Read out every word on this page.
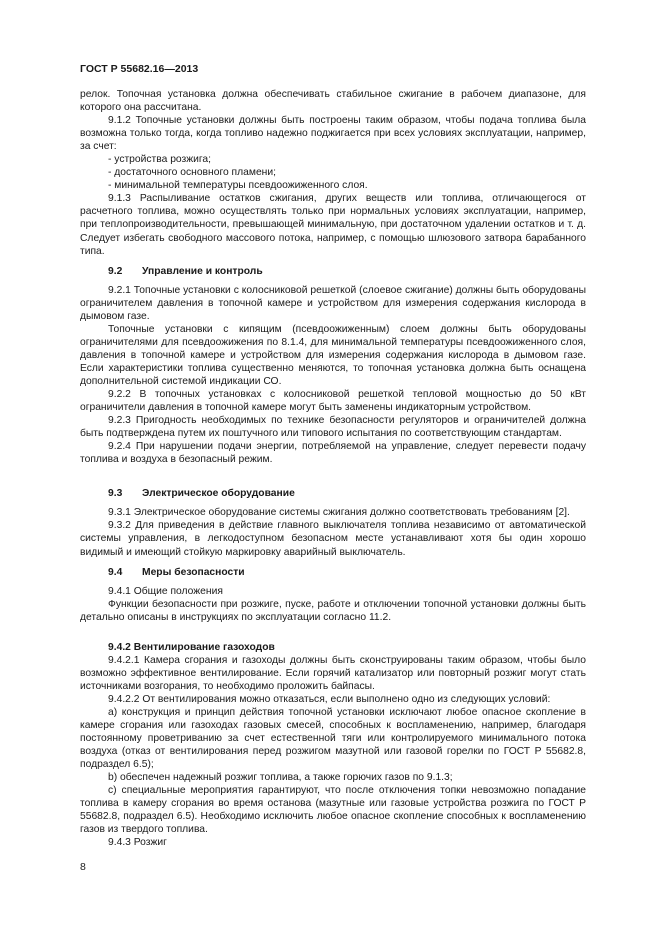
ГОСТ Р 55682.16—2013

релок. Топочная установка должна обеспечивать стабильное сжигание в рабочем диапазоне, для которого она рассчитана.

9.1.2 Топочные установки должны быть построены таким образом, чтобы подача топлива была возможна только тогда, когда топливо надежно поджигается при всех условиях эксплуатации, например, за счет:

- устройства розжига;

- достаточного основного пламени;

- минимальной температуры псевдоожиженного слоя.

9.1.3 Распыливание остатков сжигания, других веществ или топлива, отличающегося от расчетного топлива, можно осуществлять только при нормальных условиях эксплуатации, например, при теплопроизводительности, превышающей минимальную, при достаточном удалении остатков и т. д. Следует избегать свободного массового потока, например, с помощью шлюзового затвора барабанного типа.

9.2 Управление и контроль

9.2.1 Топочные установки с колосниковой решеткой (слоевое сжигание) должны быть оборудованы ограничителем давления в топочной камере и устройством для измерения содержания кислорода в дымовом газе.

Топочные установки с кипящим (псевдоожиженным) слоем должны быть оборудованы ограничителями для псевдоожижения по 8.1.4, для минимальной температуры псевдоожиженного слоя, давления в топочной камере и устройством для измерения содержания кислорода в дымовом газе. Если характеристики топлива существенно меняются, то топочная установка должна быть оснащена дополнительной системой индикации СО.

9.2.2 В топочных установках с колосниковой решеткой тепловой мощностью до 50 кВт ограничители давления в топочной камере могут быть заменены индикаторным устройством.

9.2.3 Пригодность необходимых по технике безопасности регуляторов и ограничителей должна быть подтверждена путем их поштучного или типового испытания по соответствующим стандартам.

9.2.4 При нарушении подачи энергии, потребляемой на управление, следует перевести подачу топлива и воздуха в безопасный режим.

9.3 Электрическое оборудование

9.3.1 Электрическое оборудование системы сжигания должно соответствовать требованиям [2].

9.3.2 Для приведения в действие главного выключателя топлива независимо от автоматической системы управления, в легкодоступном безопасном месте устанавливают хотя бы один хорошо видимый и имеющий стойкую маркировку аварийный выключатель.

9.4 Меры безопасности

9.4.1 Общие положения

Функции безопасности при розжиге, пуске, работе и отключении топочной установки должны быть детально описаны в инструкциях по эксплуатации согласно 11.2.

9.4.2 Вентилирование газоходов

9.4.2.1 Камера сгорания и газоходы должны быть сконструированы таким образом, чтобы было возможно эффективное вентилирование. Если горячий катализатор или повторный розжиг могут стать источниками возгорания, то необходимо проложить байпасы.

9.4.2.2 От вентилирования можно отказаться, если выполнено одно из следующих условий:

а) конструкция и принцип действия топочной установки исключают любое опасное скопление в камере сгорания или газоходах газовых смесей, способных к воспламенению, например, благодаря постоянному проветриванию за счет естественной тяги или контролируемого минимального потока воздуха (отказ от вентилирования перед розжигом мазутной или газовой горелки по ГОСТ Р 55682.8, подраздел 6.5);

b) обеспечен надежный розжиг топлива, а также горючих газов по 9.1.3;

с) специальные мероприятия гарантируют, что после отключения топки невозможно попадание топлива в камеру сгорания во время останова (мазутные или газовые устройства розжига по ГОСТ Р 55682.8, подраздел 6.5). Необходимо исключить любое опасное скопление способных к воспламенению газов из твердого топлива.

9.4.3 Розжиг

8
